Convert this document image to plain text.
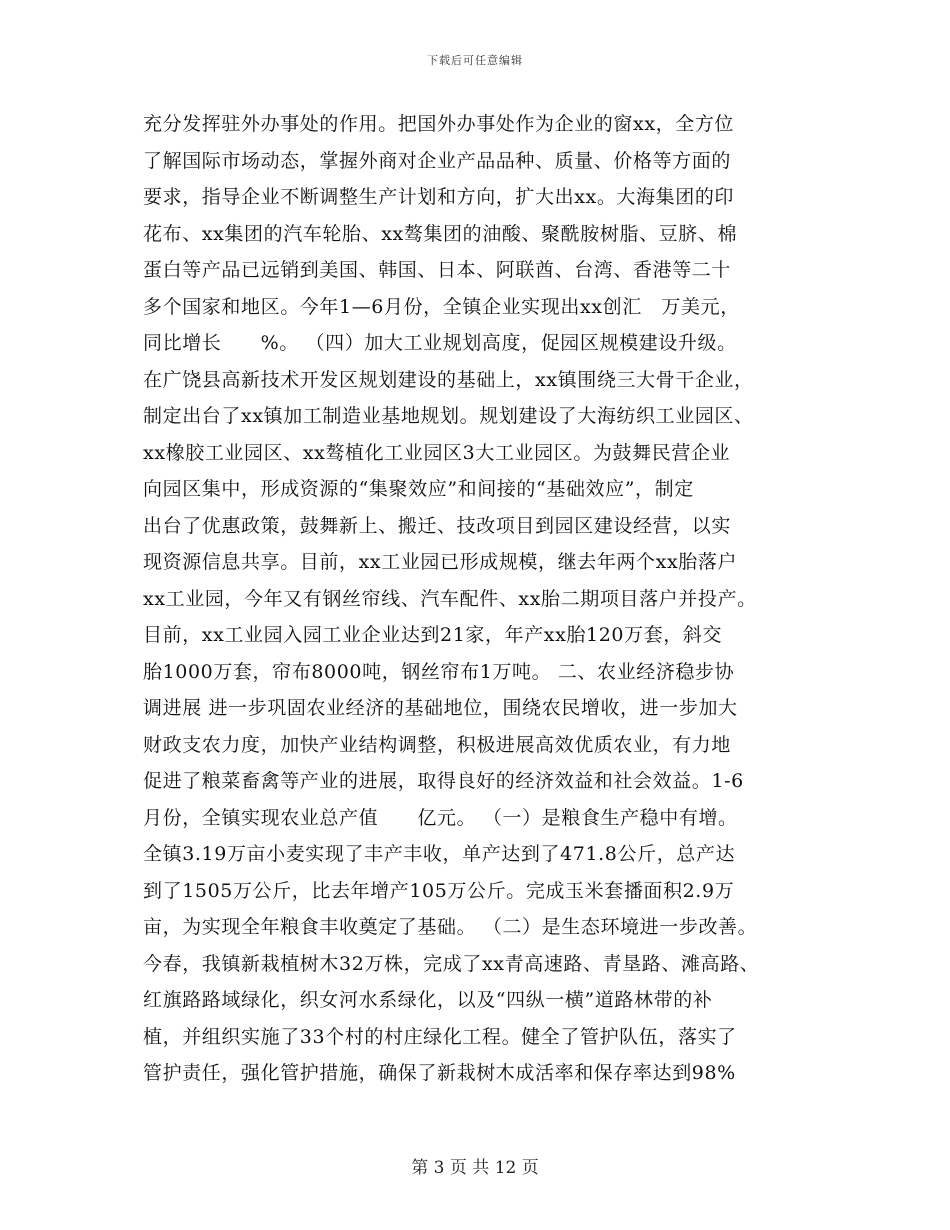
下载后可任意编辑
充分发挥驻外办事处的作用。把国外办事处作为企业的窗xx，全方位
了解国际市场动态，掌握外商对企业产品品种、质量、价格等方面的
要求，指导企业不断调整生产计划和方向，扩大出xx。大海集团的印
花布、xx集团的汽车轮胎、xx骜集团的油酸、聚酰胺树脂、豆脐、棉
蛋白等产品已远销到美国、韩国、日本、阿联酋、台湾、香港等二十
多个国家和地区。今年1—6月份，全镇企业实现出xx创汇　万美元，
同比增长　　%。 （四）加大工业规划高度，促园区规模建设升级。
在广饶县高新技术开发区规划建设的基础上，xx镇围绕三大骨干企业，
制定出台了xx镇加工制造业基地规划。规划建设了大海纺织工业园区、
xx橡胶工业园区、xx骜植化工业园区3大工业园区。为鼓舞民营企业
向园区集中，形成资源的“集聚效应”和间接的“基础效应”，制定
出台了优惠政策，鼓舞新上、搬迁、技改项目到园区建设经营，以实
现资源信息共享。目前，xx工业园已形成规模，继去年两个xx胎落户
xx工业园，今年又有钢丝帘线、汽车配件、xx胎二期项目落户并投产。
目前，xx工业园入园工业企业达到21家，年产xx胎120万套，斜交
胎1000万套，帘布8000吨，钢丝帘布1万吨。 二、农业经济稳步协
调进展 进一步巩固农业经济的基础地位，围绕农民增收，进一步加大
财政支农力度，加快产业结构调整，积极进展高效优质农业，有力地
促进了粮菜畜禽等产业的进展，取得良好的经济效益和社会效益。1-6
月份，全镇实现农业总产值　　亿元。 （一）是粮食生产稳中有增。
全镇3.19万亩小麦实现了丰产丰收，单产达到了471.8公斤，总产达
到了1505万公斤，比去年增产105万公斤。完成玉米套播面积2.9万
亩，为实现全年粮食丰收奠定了基础。 （二）是生态环境进一步改善。
今春，我镇新栽植树木32万株，完成了xx青高速路、青垦路、滩高路、
红旗路路域绿化，织女河水系绿化，以及“四纵一横”道路林带的补
植，并组织实施了33个村的村庄绿化工程。健全了管护队伍，落实了
管护责任，强化管护措施，确保了新栽树木成活率和保存率达到98%
第 3 页 共 12 页
